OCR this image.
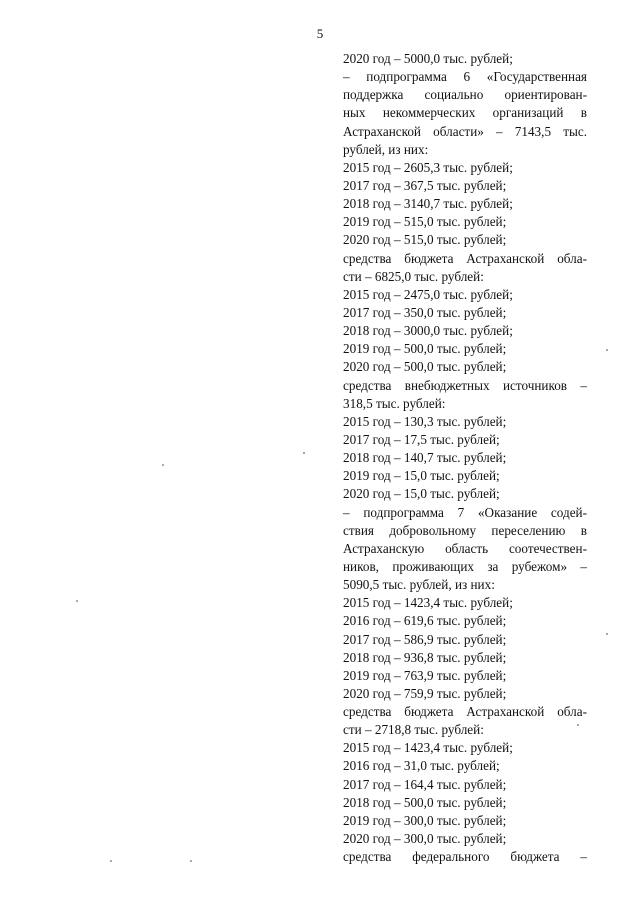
5
2020 год – 5000,0 тыс. рублей;
– подпрограмма 6 «Государственная
поддержка социально ориентирован-
ных некоммерческих организаций в
Астраханской области» – 7143,5 тыс.
рублей, из них:
2015 год – 2605,3 тыс. рублей;
2017 год – 367,5 тыс. рублей;
2018 год – 3140,7 тыс. рублей;
2019 год – 515,0 тыс. рублей;
2020 год – 515,0 тыс. рублей;
средства бюджета Астраханской обла-
сти – 6825,0 тыс. рублей:
2015 год – 2475,0 тыс. рублей;
2017 год – 350,0 тыс. рублей;
2018 год – 3000,0 тыс. рублей;
2019 год – 500,0 тыс. рублей;
2020 год – 500,0 тыс. рублей;
средства внебюджетных источников –
318,5 тыс. рублей:
2015 год – 130,3 тыс. рублей;
2017 год – 17,5 тыс. рублей;
2018 год – 140,7 тыс. рублей;
2019 год – 15,0 тыс. рублей;
2020 год – 15,0 тыс. рублей;
– подпрограмма 7 «Оказание содей-
ствия добровольному переселению в
Астраханскую область соотечествен-
ников, проживающих за рубежом» –
5090,5 тыс. рублей, из них:
2015 год – 1423,4 тыс. рублей;
2016 год – 619,6 тыс. рублей;
2017 год – 586,9 тыс. рублей;
2018 год – 936,8 тыс. рублей;
2019 год – 763,9 тыс. рублей;
2020 год – 759,9 тыс. рублей;
средства бюджета Астраханской обла-
сти – 2718,8 тыс. рублей:
2015 год – 1423,4 тыс. рублей;
2016 год – 31,0 тыс. рублей;
2017 год – 164,4 тыс. рублей;
2018 год – 500,0 тыс. рублей;
2019 год – 300,0 тыс. рублей;
2020 год – 300,0 тыс. рублей;
средства федерального бюджета –
